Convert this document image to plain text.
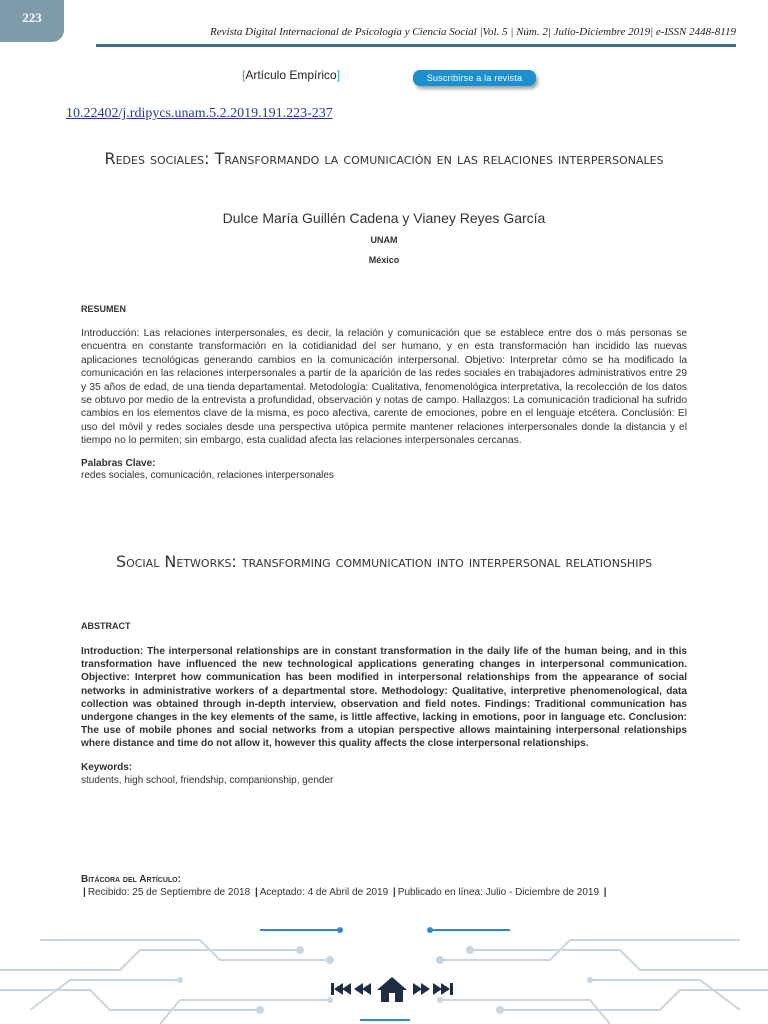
223
Revista Digital Internacional de Psicología y Ciencia Social |Vol. 5 | Núm. 2| Julio-Diciembre 2019| e-ISSN 2448-8119
[Artículo Empírico]	Suscribirse a la revista
10.22402/j.rdipycs.unam.5.2.2019.191.223-237
Redes sociales: Transformando la comunicación en las relaciones interpersonales
Dulce María Guillén Cadena y Vianey Reyes García
UNAM
México
RESUMEN
Introducción: Las relaciones interpersonales, es decir, la relación y comunicación que se establece entre dos o más personas se encuentra en constante transformación en la cotidianidad del ser humano, y en esta transformación han incidido las nuevas aplicaciones tecnológicas generando cambios en la comunicación interpersonal. Objetivo: Interpretar cómo se ha modificado la comunicación en las relaciones interpersonales a partir de la aparición de las redes sociales en trabajadores administrativos entre 29 y 35 años de edad, de una tienda departamental. Metodología: Cualitativa, fenomenológica interpretativa, la recolección de los datos se obtuvo por medio de la entrevista a profundidad, observación y notas de campo. Hallazgos: La comunicación tradicional ha sufrido cambios en los elementos clave de la misma, es poco afectiva, carente de emociones, pobre en el lenguaje etcétera. Conclusión: El uso del móvil y redes sociales desde una perspectiva utópica permite mantener relaciones interpersonales donde la distancia y el tiempo no lo permiten; sin embargo, esta cualidad afecta las relaciones interpersonales cercanas.
Palabras Clave:
redes sociales, comunicación, relaciones interpersonales
Social Networks: transforming communication into interpersonal relationships
ABSTRACT
Introduction: The interpersonal relationships are in constant transformation in the daily life of the human being, and in this transformation have influenced the new technological applications generating changes in interpersonal communication. Objective: Interpret how communication has been modified in interpersonal relationships from the appearance of social networks in administrative workers of a departmental store. Methodology: Qualitative, interpretive phenomenological, data collection was obtained through in-depth interview, observation and field notes. Findings: Traditional communication has undergone changes in the key elements of the same, is little affective, lacking in emotions, poor in language etc. Conclusion: The use of mobile phones and social networks from a utopian perspective allows maintaining interpersonal relationships where distance and time do not allow it, however this quality affects the close interpersonal relationships.
Keywords:
students, high school, friendship, companionship, gender
Bitácora del Artículo:
| Recibido: 25 de Septiembre de 2018 | Aceptado: 4 de Abril de 2019 | Publicado en línea: Julio - Diciembre de 2019 |
